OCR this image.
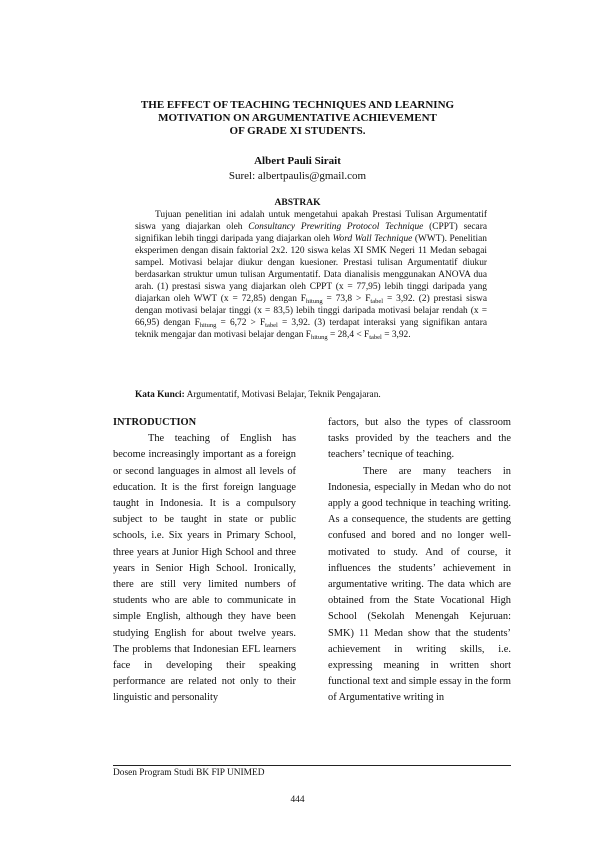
THE EFFECT OF TEACHING TECHNIQUES AND LEARNING
MOTIVATION ON ARGUMENTATIVE ACHIEVEMENT
OF GRADE XI STUDENTS.
Albert Pauli Sirait
Surel: albertpaulis@gmail.com
ABSTRAK

Tujuan penelitian ini adalah untuk mengetahui apakah Prestasi Tulisan Argumentatif siswa yang diajarkan oleh Consultancy Prewriting Protocol Technique (CPPT) secara signifikan lebih tinggi daripada yang diajarkan oleh Word Wall Technique (WWT). Penelitian eksperimen dengan disain faktorial 2x2. 120 siswa kelas XI SMK Negeri 11 Medan sebagai sampel. Motivasi belajar diukur dengan kuesioner. Prestasi tulisan Argumentatif diukur berdasarkan struktur umun tulisan Argumentatif. Data dianalisis menggunakan ANOVA dua arah. (1) prestasi siswa yang diajarkan oleh CPPT (x = 77,95) lebih tinggi daripada yang diajarkan oleh WWT (x = 72,85) dengan $F_{hitung} = 73,8 > F_{tabel} = 3,92$. (2) prestasi siswa dengan motivasi belajar tinggi (x = 83,5) lebih tinggi daripada motivasi belajar rendah (x = 66,95) dengan $F_{hitung} = 6,72 > F_{tabel} = 3,92$. (3) terdapat interaksi yang signifikan antara teknik mengajar dan motivasi belajar dengan $F_{hitung} = 28,4 < F_{tabel} = 3,92$.

Kata Kunci: Argumentatif, Motivasi Belajar, Teknik Pengajaran.
INTRODUCTION

The teaching of English has become increasingly important as a foreign or second languages in almost all levels of education. It is the first foreign language taught in Indonesia. It is a compulsory subject to be taught in state or public schools, i.e. Six years in Primary School, three years at Junior High School and three years in Senior High School. Ironically, there are still very limited numbers of students who are able to communicate in simple English, although they have been studying English for about twelve years. The problems that Indonesian EFL learners face in developing their speaking performance are related not only to their linguistic and personality

factors, but also the types of classroom tasks provided by the teachers and the teachers’ tecnique of teaching.

There are many teachers in Indonesia, especially in Medan who do not apply a good technique in teaching writing. As a consequence, the students are getting confused and bored and no longer well-motivated to study. And of course, it influences the students’ achievement in argumentative writing. The data which are obtained from the State Vocational High School (Sekolah Menengah Kejuruan: SMK) 11 Medan show that the students’ achievement in writing skills, i.e. expressing meaning in written short functional text and simple essay in the form of Argumentative writing in

Dosen Program Studi BK FIP UNIMED
444
